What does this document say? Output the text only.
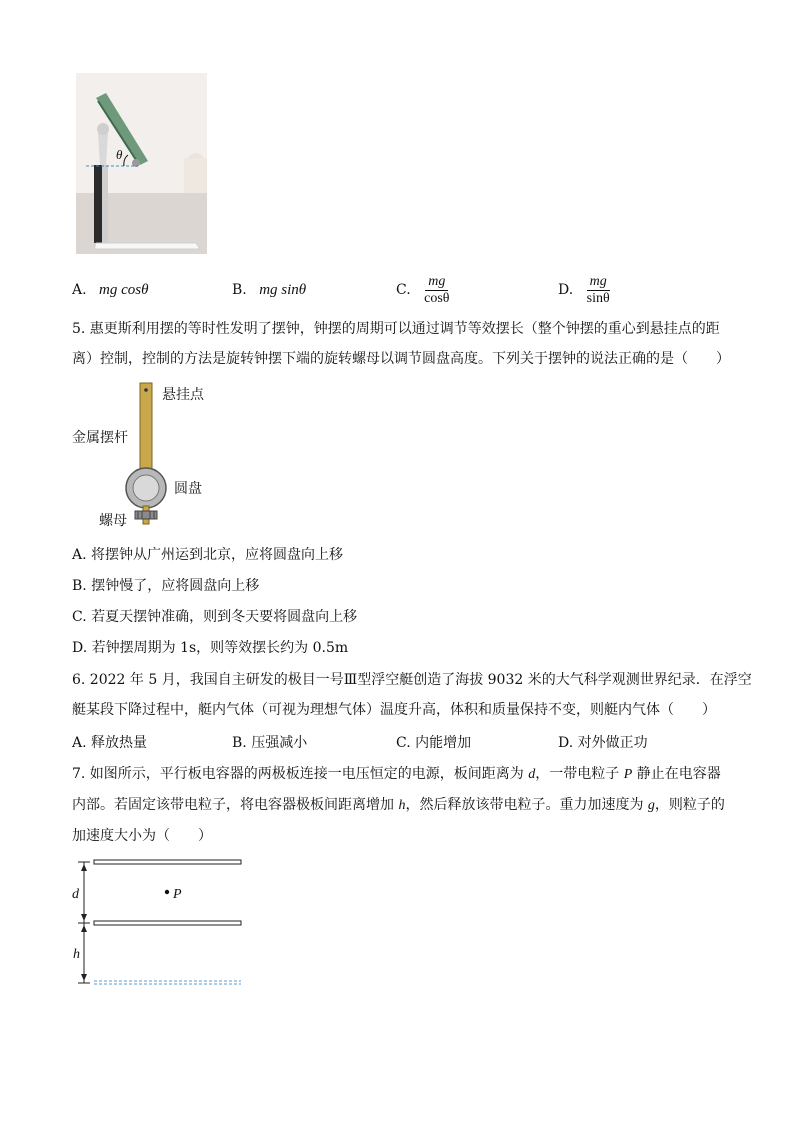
θ
A. mg cosθ	B. mg sinθ	C. $\frac{mg}{\cos\theta}$	D. $\frac{mg}{\sin\theta}$
5. 惠更斯利用摆的等时性发明了摆钟，钟摆的周期可以通过调节等效摆长（整个钟摆的重心到悬挂点的距
离）控制，控制的方法是旋转钟摆下端的旋转螺母以调节圆盘高度。下列关于摆钟的说法正确的是（　　）
悬挂点
金属摆杆
圆盘
螺母
A. 将摆钟从广州运到北京，应将圆盘向上移
B. 摆钟慢了，应将圆盘向上移
C. 若夏天摆钟准确，则到冬天要将圆盘向上移
D. 若钟摆周期为 1s，则等效摆长约为 0.5m
6. 2022 年 5 月，我国自主研发的极目一号Ⅲ型浮空艇创造了海拔 9032 米的大气科学观测世界纪录．在浮空
艇某段下降过程中，艇内气体（可视为理想气体）温度升高，体积和质量保持不变，则艇内气体（　　）
A. 释放热量	B. 压强减小	C. 内能增加	D. 对外做正功
7. 如图所示，平行板电容器的两极板连接一电压恒定的电源，板间距离为 d，一带电粒子 P 静止在电容器
内部。若固定该带电粒子，将电容器极板间距离增加 h，然后释放该带电粒子。重力加速度为 g，则粒子的
加速度大小为（　　）
d	P
h
